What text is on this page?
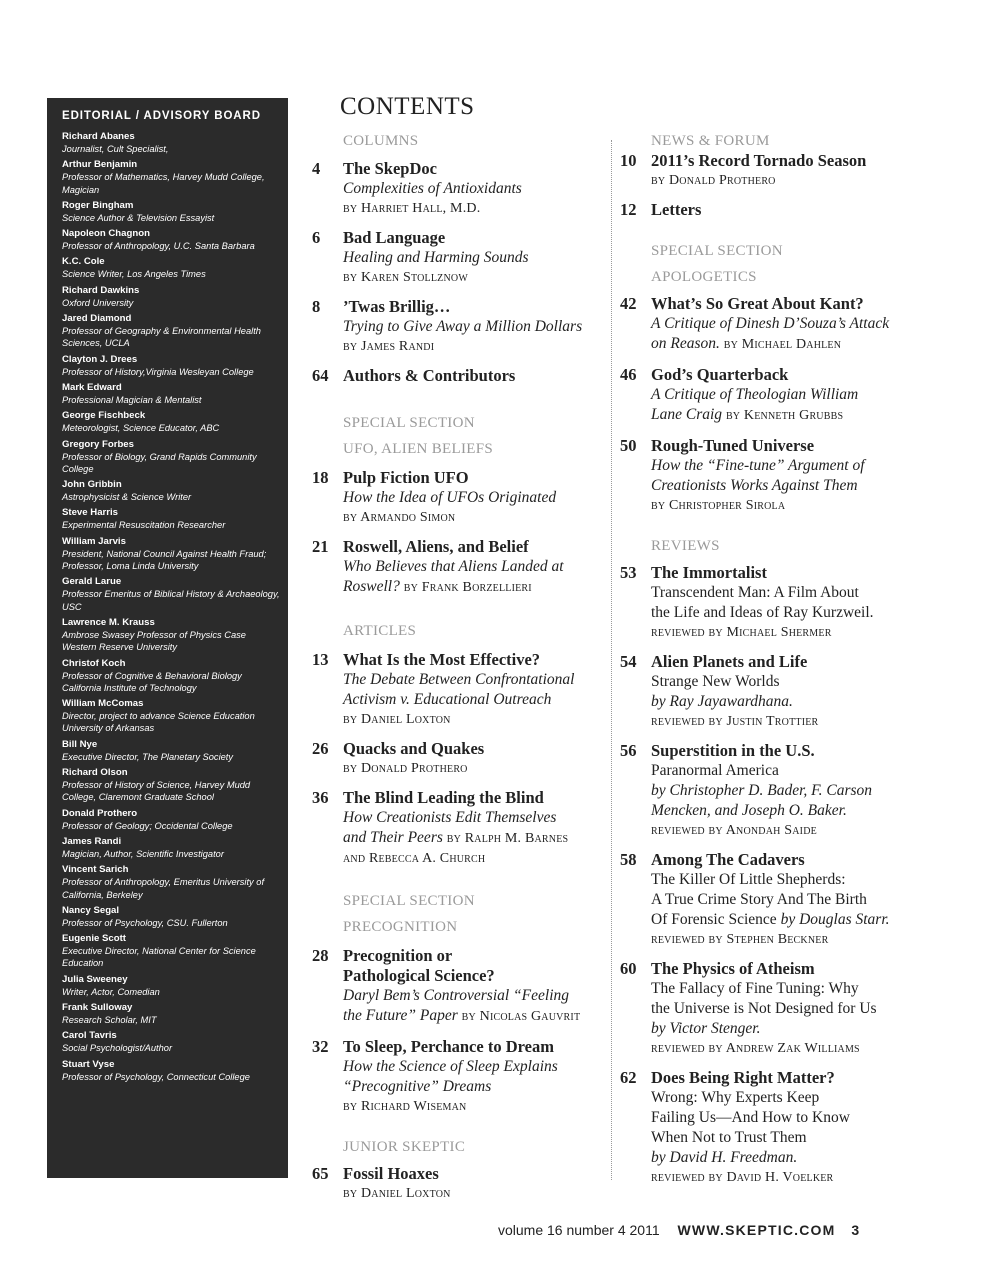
EDITORIAL / ADVISORY BOARD
Richard Abanes
Journalist, Cult Specialist,
Arthur Benjamin
Professor of Mathematics, Harvey Mudd College, Magician
Roger Bingham
Science Author & Television Essayist
Napoleon Chagnon
Professor of Anthropology, U.C. Santa Barbara
K.C. Cole
Science Writer, Los Angeles Times
Richard Dawkins
Oxford University
Jared Diamond
Professor of Geography & Environmental Health Sciences, UCLA
Clayton J. Drees
Professor of History,Virginia Wesleyan College
Mark Edward
Professional Magician & Mentalist
George Fischbeck
Meteorologist, Science Educator, ABC
Gregory Forbes
Professor of Biology, Grand Rapids Community College
John Gribbin
Astrophysicist & Science Writer
Steve Harris
Experimental Resuscitation Researcher
William Jarvis
President, National Council Against Health Fraud; Professor, Loma Linda University
Gerald Larue
Professor Emeritus of Biblical History & Archaeology, USC
Lawrence M. Krauss
Ambrose Swasey Professor of Physics Case Western Reserve University
Christof Koch
Professor of Cognitive & Behavioral Biology California Institute of Technology
William McComas
Director, project to advance Science Education University of Arkansas
Bill Nye
Executive Director, The Planetary Society
Richard Olson
Professor of History of Science, Harvey Mudd College, Claremont Graduate School
Donald Prothero
Professor of Geology; Occidental College
James Randi
Magician, Author, Scientific Investigator
Vincent Sarich
Professor of Anthropology, Emeritus University of California, Berkeley
Nancy Segal
Professor of Psychology, CSU. Fullerton
Eugenie Scott
Executive Director, National Center for Science Education
Julia Sweeney
Writer, Actor, Comedian
Frank Sulloway
Research Scholar, MIT
Carol Tavris
Social Psychologist/Author
Stuart Vyse
Professor of Psychology, Connecticut College
CONTENTS

COLUMNS

4 The SkepDoc
Complexities of Antioxidants
by Harriet Hall, M.D.
6 Bad Language
Healing and Harming Sounds
by Karen Stollznow
8 ’Twas Brillig…
Trying to Give Away a Million Dollars
by James Randi
64 Authors & Contributors

SPECIAL SECTION

UFO, ALIEN BELIEFS

18 Pulp Fiction UFO
How the Idea of UFOs Originated
by Armando Simon
21 Roswell, Aliens, and Belief
Who Believes that Aliens Landed at
Roswell? by Frank Borzellieri

ARTICLES

13 What Is the Most Effective?
The Debate Between Confrontational
Activism v. Educational Outreach
by Daniel Loxton
26 Quacks and Quakes
by Donald Prothero
36 The Blind Leading the Blind
How Creationists Edit Themselves
and Their Peers by Ralph M. Barnes
and Rebecca A. Church

SPECIAL SECTION

PRECOGNITION

28 Precognition or
Pathological Science?
Daryl Bem’s Controversial “Feeling
the Future” Paper by Nicolas Gauvrit
32 To Sleep, Perchance to Dream
How the Science of Sleep Explains
“Precognitive” Dreams
by Richard Wiseman

JUNIOR SKEPTIC

65 Fossil Hoaxes
by Daniel Loxton

NEWS & FORUM

10 2011’s Record Tornado Season
by Donald Prothero
12 Letters

SPECIAL SECTION

APOLOGETICS

42 What’s So Great About Kant?
A Critique of Dinesh D’Souza’s Attack
on Reason. by Michael Dahlen
46 God’s Quarterback
A Critique of Theologian William
Lane Craig by Kenneth Grubbs
50 Rough-Tuned Universe
How the “Fine-tune” Argument of
Creationists Works Against Them
by Christopher Sirola

REVIEWS

53 The Immortalist
Transcendent Man: A Film About
the Life and Ideas of Ray Kurzweil.
reviewed by Michael Shermer
54 Alien Planets and Life
Strange New Worlds
by Ray Jayawardhana.
reviewed by Justin Trottier
56 Superstition in the U.S.
Paranormal America
by Christopher D. Bader, F. Carson
Mencken, and Joseph O. Baker.
reviewed by Anondah Saide
58 Among The Cadavers
The Killer Of Little Shepherds:
A True Crime Story And The Birth
Of Forensic Science by Douglas Starr.
reviewed by Stephen Beckner
60 The Physics of Atheism
The Fallacy of Fine Tuning: Why
the Universe is Not Designed for Us
by Victor Stenger.
reviewed by Andrew Zak Williams
62 Does Being Right Matter?
Wrong: Why Experts Keep
Failing Us—And How to Know
When Not to Trust Them
by David H. Freedman.
reviewed by David H. Voelker
volume 16 number 4 2011 WWW.SKEPTIC.COM 3
